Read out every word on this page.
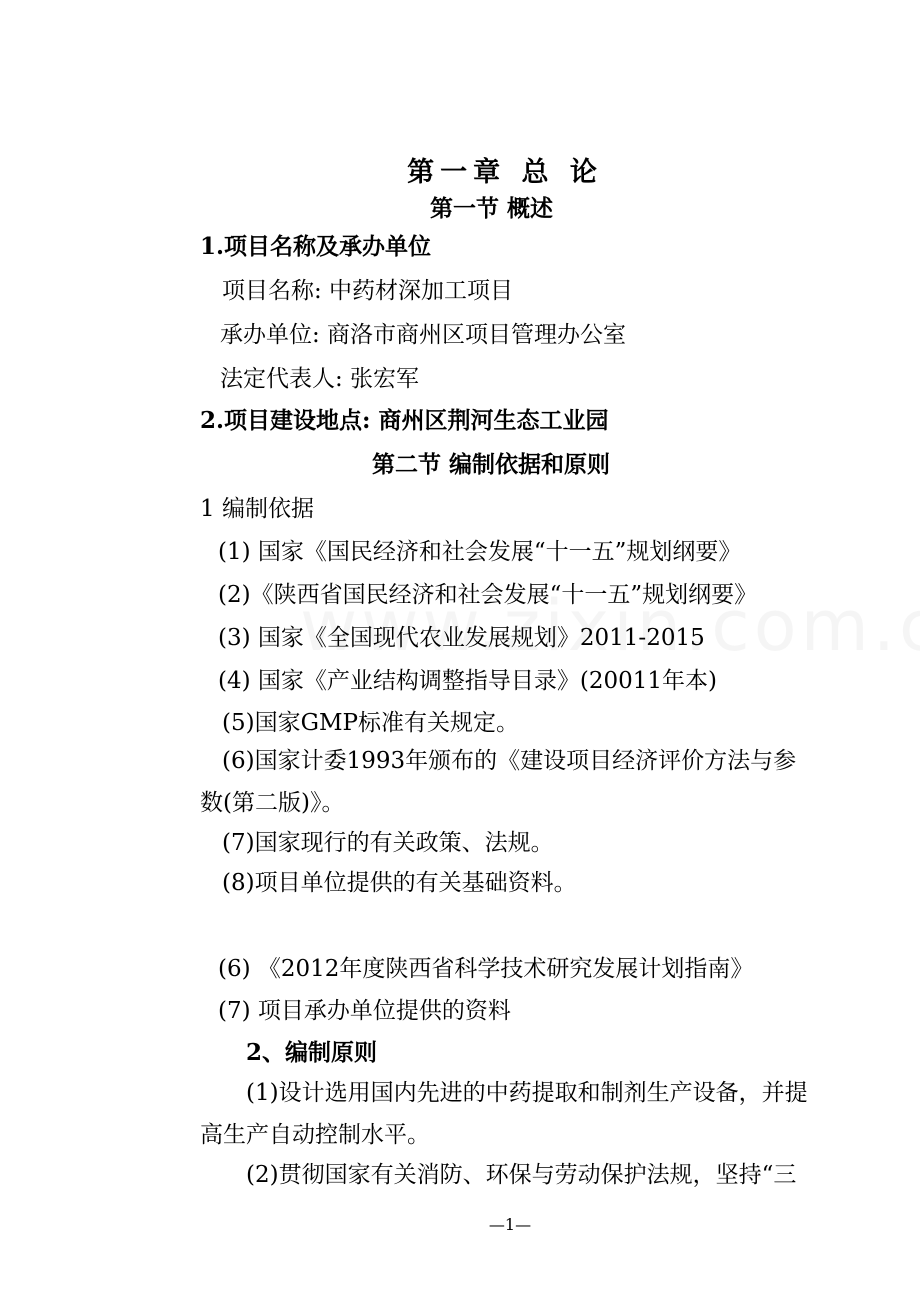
第一章 总 论
第一节 概述
1.项目名称及承办单位
项目名称: 中药材深加工项目
承办单位: 商洛市商州区项目管理办公室
法定代表人: 张宏军
2.项目建设地点: 商州区荆河生态工业园
第二节 编制依据和原则
1 编制依据
(1) 国家《国民经济和社会发展“十一五”规划纲要》
(2)《陕西省国民经济和社会发展“十一五”规划纲要》
(3) 国家《全国现代农业发展规划》2011-2015
(4) 国家《产业结构调整指导目录》(20011年本)
(5)国家GMP标准有关规定。
(6)国家计委1993年颁布的《建设项目经济评价方法与参
数(第二版)》。
(7)国家现行的有关政策、法规。
(8)项目单位提供的有关基础资料。
(6) 《2012年度陕西省科学技术研究发展计划指南》
(7) 项目承办单位提供的资料
2、编制原则
(1)设计选用国内先进的中药提取和制剂生产设备，并提
高生产自动控制水平。
(2)贯彻国家有关消防、环保与劳动保护法规，坚持“三
—1—
